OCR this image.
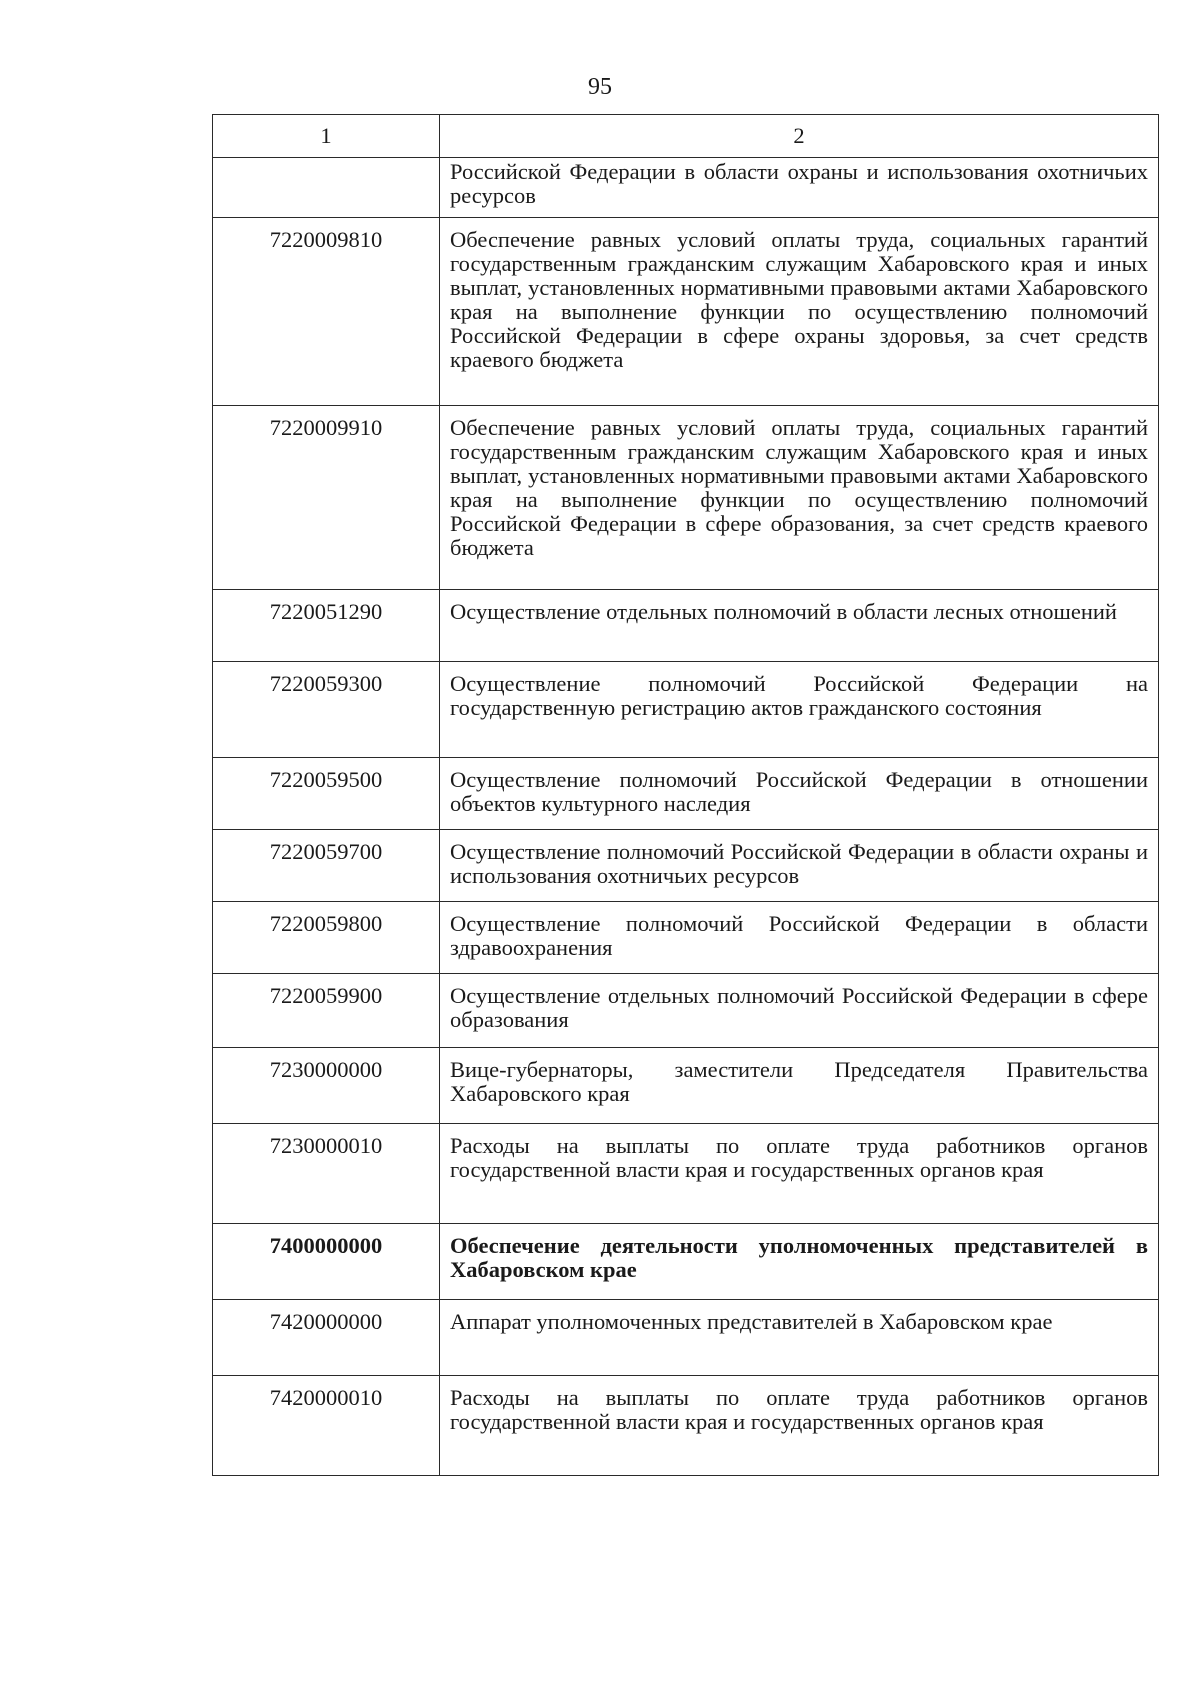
95
1	2
	Российской Федерации в области охраны и использования охотничьих ресурсов
7220009810	Обеспечение равных условий оплаты труда, социальных гарантий государственным гражданским служащим Хабаровского края и иных выплат, установленных нормативными правовыми актами Хабаровского края на выполнение функции по осуществлению полномочий Российской Федерации в сфере охраны здоровья, за счет средств краевого бюджета
7220009910	Обеспечение равных условий оплаты труда, социальных гарантий государственным гражданским служащим Хабаровского края и иных выплат, установленных нормативными правовыми актами Хабаровского края на выполнение функции по осуществлению полномочий Российской Федерации в сфере образования, за счет средств краевого бюджета
7220051290	Осуществление отдельных полномочий в области лесных отношений
7220059300	Осуществление полномочий Российской Федерации на государственную регистрацию актов гражданского состояния
7220059500	Осуществление полномочий Российской Федерации в отношении объектов культурного наследия
7220059700	Осуществление полномочий Российской Федерации в области охраны и использования охотничьих ресурсов
7220059800	Осуществление полномочий Российской Федерации в области здравоохранения
7220059900	Осуществление отдельных полномочий Российской Федерации в сфере образования
7230000000	Вице-губернаторы, заместители Председателя Правительства Хабаровского края
7230000010	Расходы на выплаты по оплате труда работников органов государственной власти края и государственных органов края
7400000000	Обеспечение деятельности уполномоченных представителей в Хабаровском крае
7420000000	Аппарат уполномоченных представителей в Хабаровском крае
7420000010	Расходы на выплаты по оплате труда работников органов государственной власти края и государственных органов края
